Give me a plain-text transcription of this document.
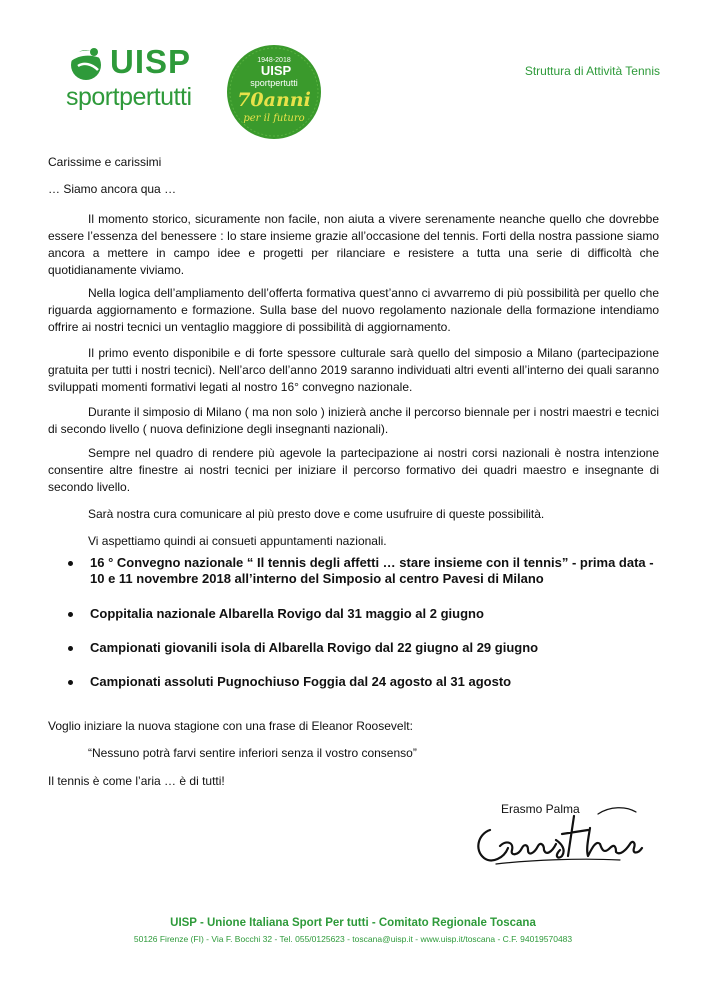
UISP
sportpertutti
1948-2018
UISP
sportpertutti
70anni
per il futuro
Struttura di Attività Tennis
Carissime e carissimi
… Siamo ancora qua …
Il momento storico, sicuramente non facile, non aiuta a vivere serenamente neanche quello che dovrebbe essere l’essenza del benessere : lo stare insieme grazie all’occasione del tennis. Forti della nostra passione siamo ancora a mettere in campo idee e progetti per rilanciare e resistere a tutta una serie di difficoltà che quotidianamente viviamo.
Nella logica dell’ampliamento dell’offerta formativa quest’anno ci avvarremo di più possibilità per quello che riguarda aggiornamento e formazione. Sulla base del nuovo regolamento nazionale della formazione intendiamo offrire ai nostri tecnici un ventaglio maggiore di possibilità di aggiornamento.
Il primo evento disponibile e di forte spessore culturale sarà quello del simposio a Milano (partecipazione gratuita per tutti i nostri tecnici). Nell’arco dell’anno 2019 saranno individuati altri eventi all’interno dei quali saranno sviluppati momenti formativi legati al nostro 16° convegno nazionale.
Durante il simposio di Milano ( ma non solo ) inizierà anche il percorso biennale per i nostri maestri e tecnici di secondo livello ( nuova definizione degli insegnanti nazionali).
Sempre nel quadro di rendere più agevole la partecipazione ai nostri corsi nazionali è nostra intenzione consentire altre finestre ai nostri tecnici per iniziare il percorso formativo dei quadri maestro e insegnante di secondo livello.
Sarà nostra cura comunicare al più presto dove e come usufruire di queste possibilità.
Vi aspettiamo quindi ai consueti appuntamenti nazionali.
16 ° Convegno nazionale “ Il tennis degli affetti … stare insieme con il tennis” - prima data - 10 e 11 novembre 2018 all’interno del Simposio al centro Pavesi di Milano
Coppitalia nazionale Albarella Rovigo dal 31 maggio al 2 giugno
Campionati giovanili isola di Albarella Rovigo dal 22 giugno al 29 giugno
Campionati assoluti Pugnochiuso Foggia dal 24 agosto al 31 agosto
Voglio iniziare la nuova stagione con una frase di Eleanor Roosevelt:
“Nessuno potrà farvi sentire inferiori senza il vostro consenso”
Il tennis è come l’aria … è di tutti!
Erasmo Palma
UISP - Unione Italiana Sport Per tutti - Comitato Regionale Toscana
50126 Firenze (FI) - Via F. Bocchi 32 - Tel. 055/0125623 - toscana@uisp.it - www.uisp.it/toscana - C.F. 94019570483
